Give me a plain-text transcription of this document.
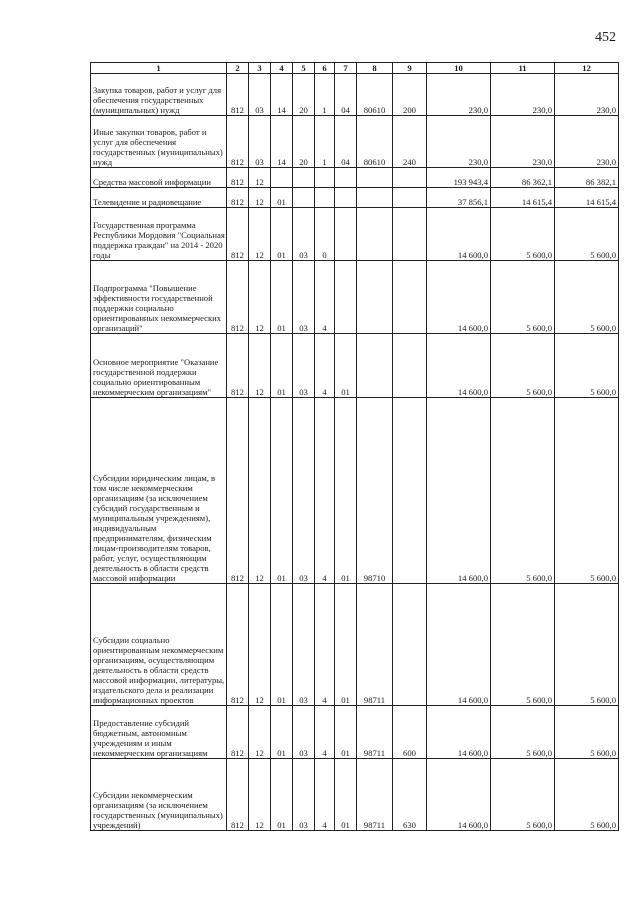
452
1	2	3	4	5	6	7	8	9	10	11	12
Закупка товаров, работ и услуг для обеспечения государственных (муниципальных) нужд	812	03	14	20	1	04	80610	200	230,0	230,0	230,0
Иные закупки товаров, работ и услуг для обеспечения государственных (муниципальных) нужд	812	03	14	20	1	04	80610	240	230,0	230,0	230,0
Средства массовой информации	812	12							193 943,4	86 362,1	86 382,1
Телевидение и радиовещание	812	12	01						37 856,1	14 615,4	14 615,4
Государственная программа Республики Мордовия "Социальная поддержка граждан" на 2014 - 2020 годы	812	12	01	03	0				14 600,0	5 600,0	5 600,0
Подпрограмма "Повышение эффективности государственной поддержки социально ориентированных некоммерческих организаций"	812	12	01	03	4				14 600,0	5 600,0	5 600,0
Основное мероприятие "Оказание государственной поддержки социально ориентированным некоммерческим организациям"	812	12	01	03	4	01			14 600,0	5 600,0	5 600,0
Субсидии юридическим лицам, в том числе некоммерческим организациям (за исключением субсидий государственным и муниципальным учреждениям), индивидуальным предпринимателям, физическим лицам-производителям товаров, работ, услуг, осуществляющим деятельность в области средств массовой информации	812	12	01	03	4	01	98710		14 600,0	5 600,0	5 600,0
Субсидии социально ориентированным некоммерческим организациям, осуществляющим деятельность в области средств массовой информации, литературы, издательского дела и реализации информационных проектов	812	12	01	03	4	01	98711		14 600,0	5 600,0	5 600,0
Предоставление субсидий бюджетным, автономным учреждениям и иным некоммерческим организациям	812	12	01	03	4	01	98711	600	14 600,0	5 600,0	5 600,0
Субсидии некоммерческим организациям (за исключением государственных (муниципальных) учреждений)	812	12	01	03	4	01	98711	630	14 600,0	5 600,0	5 600,0
